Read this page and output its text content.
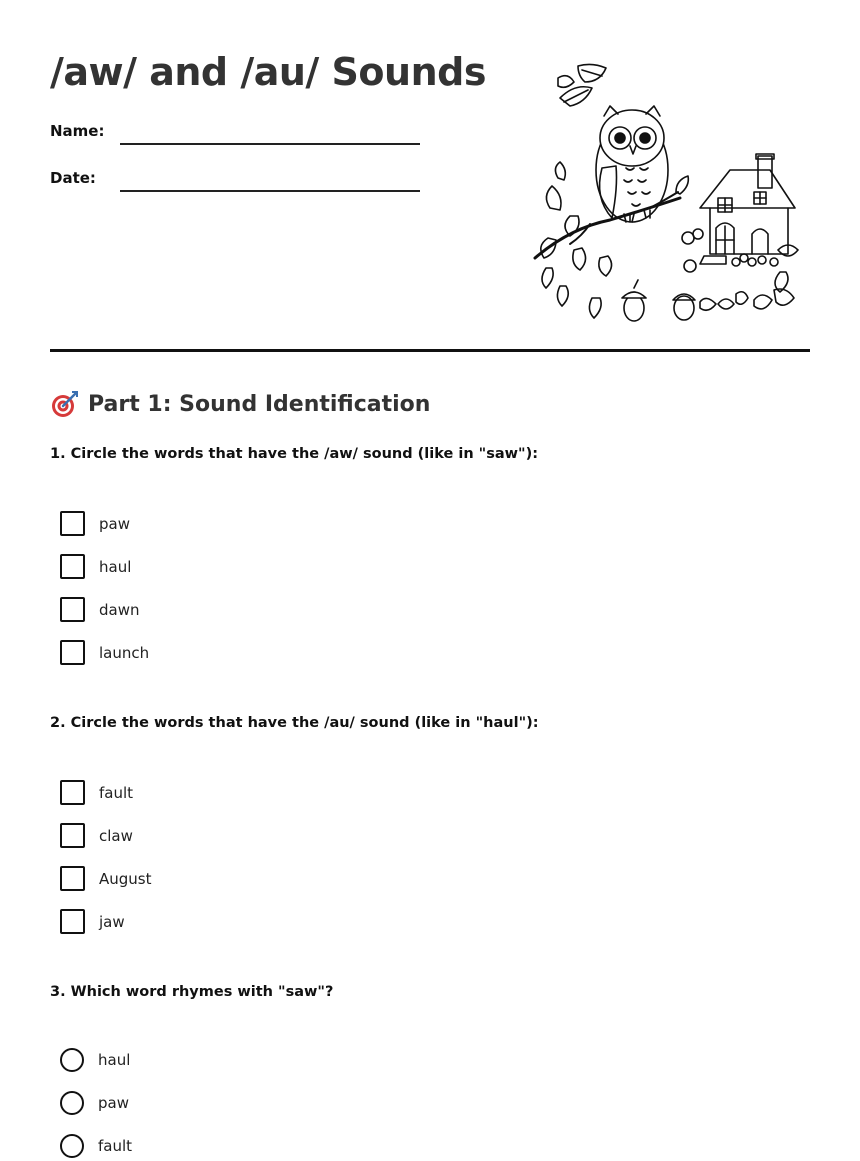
/aw/ and /au/ Sounds
Name:
Date:
Part 1: Sound Identification
1. Circle the words that have the /aw/ sound (like in "saw"):
paw
haul
dawn
launch
2. Circle the words that have the /au/ sound (like in "haul"):
fault
claw
August
jaw
3. Which word rhymes with "saw"?
haul
paw
fault
